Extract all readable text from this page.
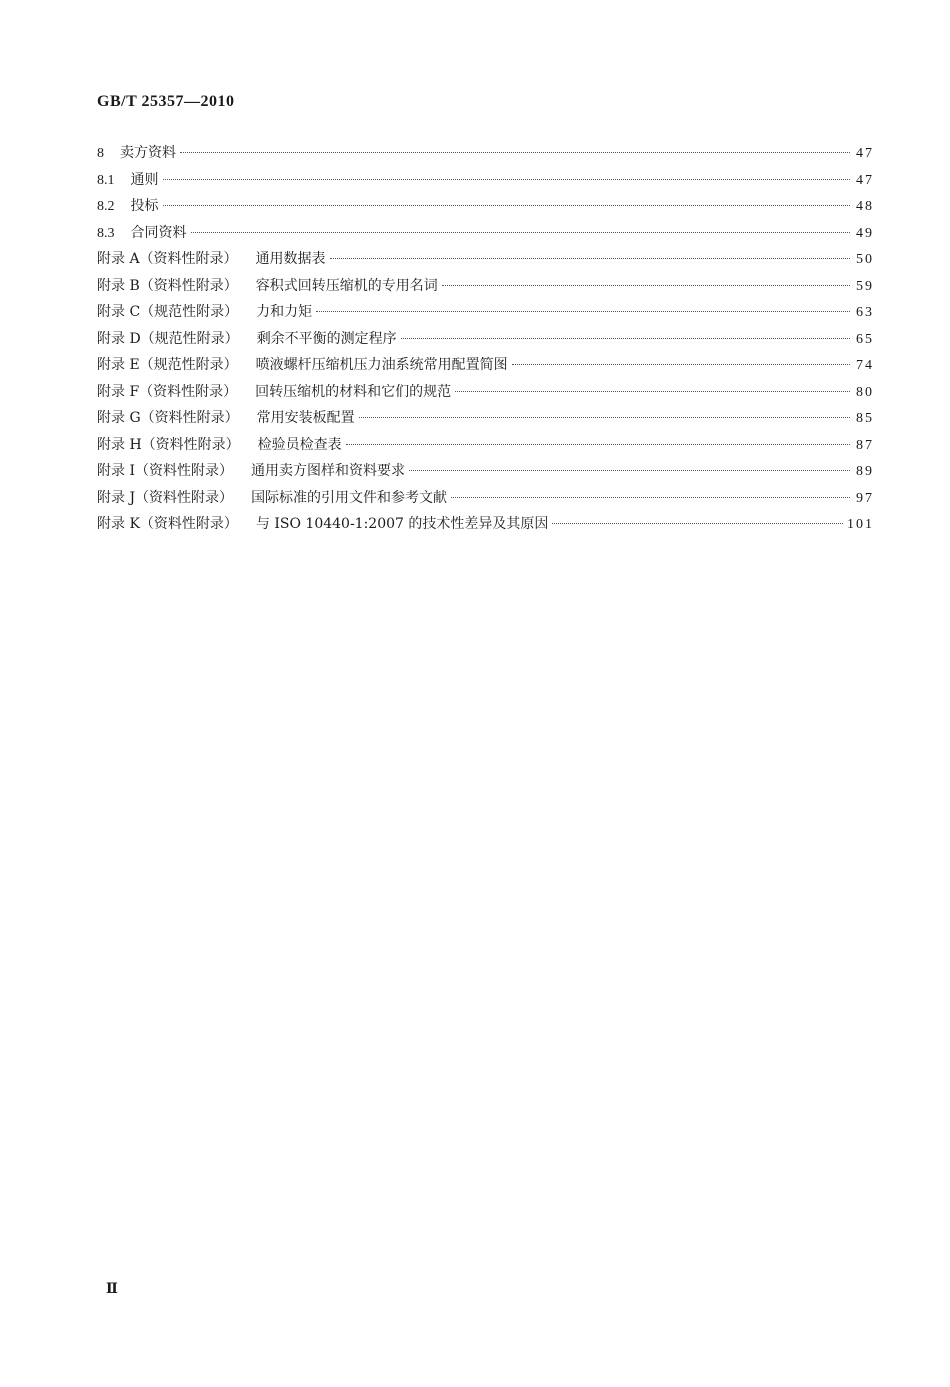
GB/T 25357—2010
8 卖方资料	47
8.1 通则	47
8.2 投标	48
8.3 合同资料	49
附录 A（资料性附录） 通用数据表	50
附录 B（资料性附录） 容积式回转压缩机的专用名词	59
附录 C（规范性附录） 力和力矩	63
附录 D（规范性附录） 剩余不平衡的测定程序	65
附录 E（规范性附录） 喷液螺杆压缩机压力油系统常用配置简图	74
附录 F（资料性附录） 回转压缩机的材料和它们的规范	80
附录 G（资料性附录） 常用安装板配置	85
附录 H（资料性附录） 检验员检查表	87
附录 I（资料性附录） 通用卖方图样和资料要求	89
附录 J（资料性附录） 国际标准的引用文件和参考文献	97
附录 K（资料性附录） 与 ISO 10440-1:2007 的技术性差异及其原因	101
Ⅱ
